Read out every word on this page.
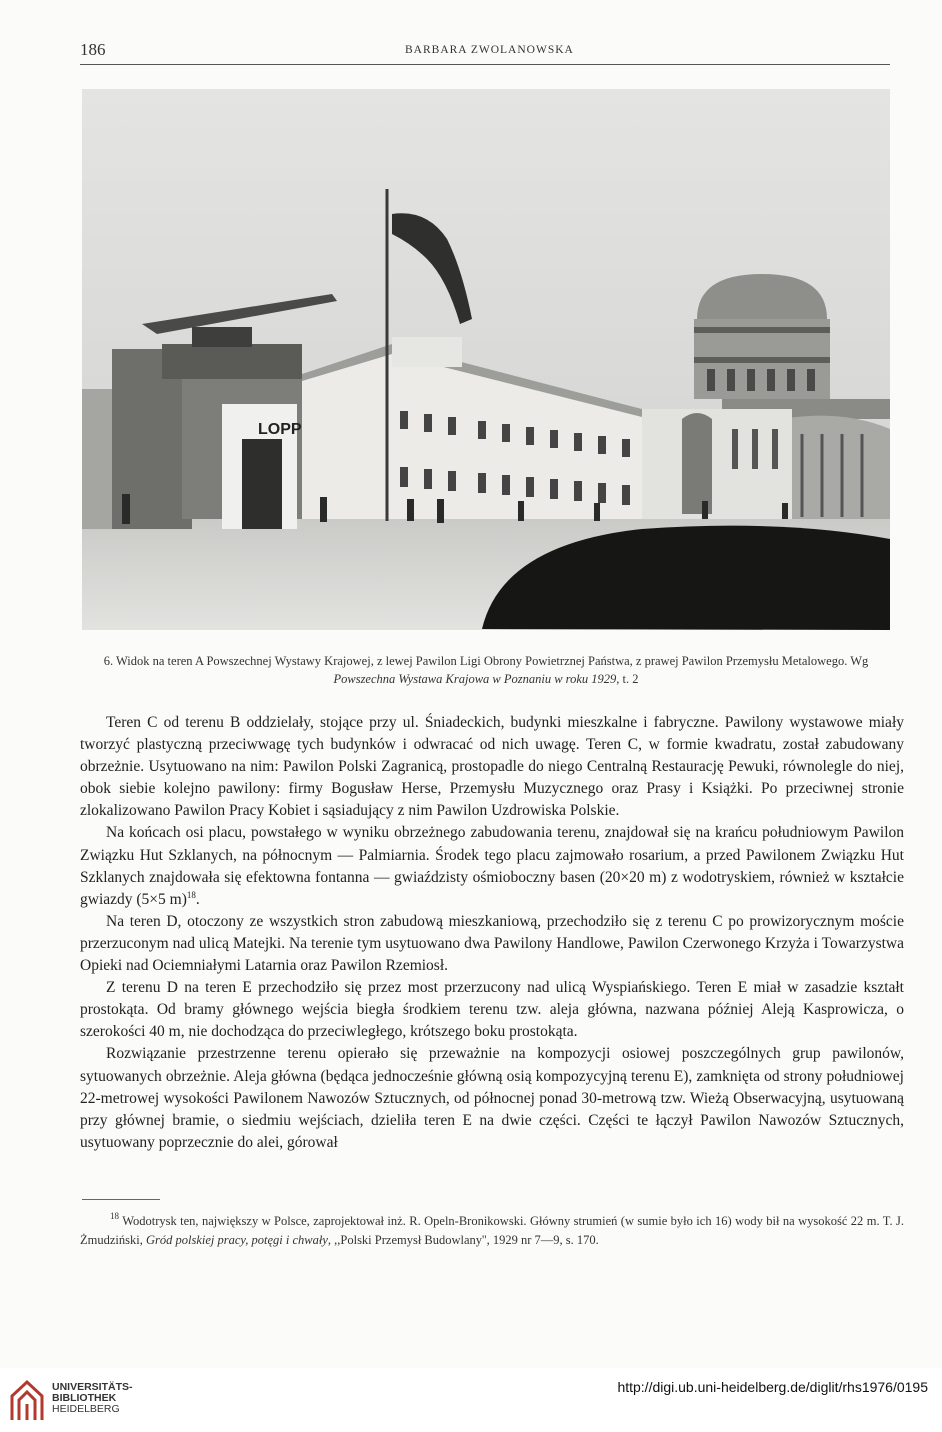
186	BARBARA ZWOLANOWSKA
LOPP
6. Widok na teren A Powszechnej Wystawy Krajowej, z lewej Pawilon Ligi Obrony Powietrznej Państwa, z prawej Pawilon Przemysłu Metalowego. Wg Powszechna Wystawa Krajowa w Poznaniu w roku 1929, t. 2

Teren C od terenu B oddzielały, stojące przy ul. Śniadeckich, budynki mieszkalne i fabryczne. Pawilony wystawowe miały tworzyć plastyczną przeciwwagę tych budynków i odwracać od nich uwagę. Teren C, w formie kwadratu, został zabudowany obrzeżnie. Usytuowano na nim: Pawilon Polski Zagranicą, prostopadle do niego Centralną Restaurację Pewuki, równolegle do niej, obok siebie kolejno pawilony: firmy Bogusław Herse, Przemysłu Muzycznego oraz Prasy i Książki. Po przeciwnej stronie zlokalizowano Pawilon Pracy Kobiet i sąsiadujący z nim Pawilon Uzdrowiska Polskie.

Na końcach osi placu, powstałego w wyniku obrzeżnego zabudowania terenu, znajdował się na krańcu południowym Pawilon Związku Hut Szklanych, na północnym — Palmiarnia. Środek tego placu zajmowało rosarium, a przed Pawilonem Związku Hut Szklanych znajdowała się efektowna fontanna — gwiaździsty ośmioboczny basen (20×20 m) z wodotryskiem, również w kształcie gwiazdy (5×5 m)$^{18}$.

Na teren D, otoczony ze wszystkich stron zabudową mieszkaniową, przechodziło się z terenu C po prowizorycznym moście przerzuconym nad ulicą Matejki. Na terenie tym usytuowano dwa Pawilony Handlowe, Pawilon Czerwonego Krzyża i Towarzystwa Opieki nad Ociemniałymi Latarnia oraz Pawilon Rzemiosł.

Z terenu D na teren E przechodziło się przez most przerzucony nad ulicą Wyspiańskiego. Teren E miał w zasadzie kształt prostokąta. Od bramy głównego wejścia biegła środkiem terenu tzw. aleja główna, nazwana później Aleją Kasprowicza, o szerokości 40 m, nie dochodząca do przeciwległego, krótszego boku prostokąta.

Rozwiązanie przestrzenne terenu opierało się przeważnie na kompozycji osiowej poszczególnych grup pawilonów, sytuowanych obrzeżnie. Aleja główna (będąca jednocześnie główną osią kompozycyjną terenu E), zamknięta od strony południowej 22-metrowej wysokości Pawilonem Nawozów Sztucznych, od północnej ponad 30-metrową tzw. Wieżą Obserwacyjną, usytuowaną przy głównej bramie, o siedmiu wejściach, dzieliła teren E na dwie części. Części te łączył Pawilon Nawozów Sztucznych, usytuowany poprzecznie do alei, górował

$^{18}$ Wodotrysk ten, największy w Polsce, zaprojektował inż. R. Opeln-Bronikowski. Główny strumień (w sumie było ich 16) wody bił na wysokość 22 m. T. J. Żmudziński, Gród polskiej pracy, potęgi i chwały, ,,Polski Przemysł Budowlany'', 1929 nr 7—9, s. 170.

UNIVERSITÄTS-
BIBLIOTHEK
HEIDELBERG
http://digi.ub.uni-heidelberg.de/diglit/rhs1976/0195
